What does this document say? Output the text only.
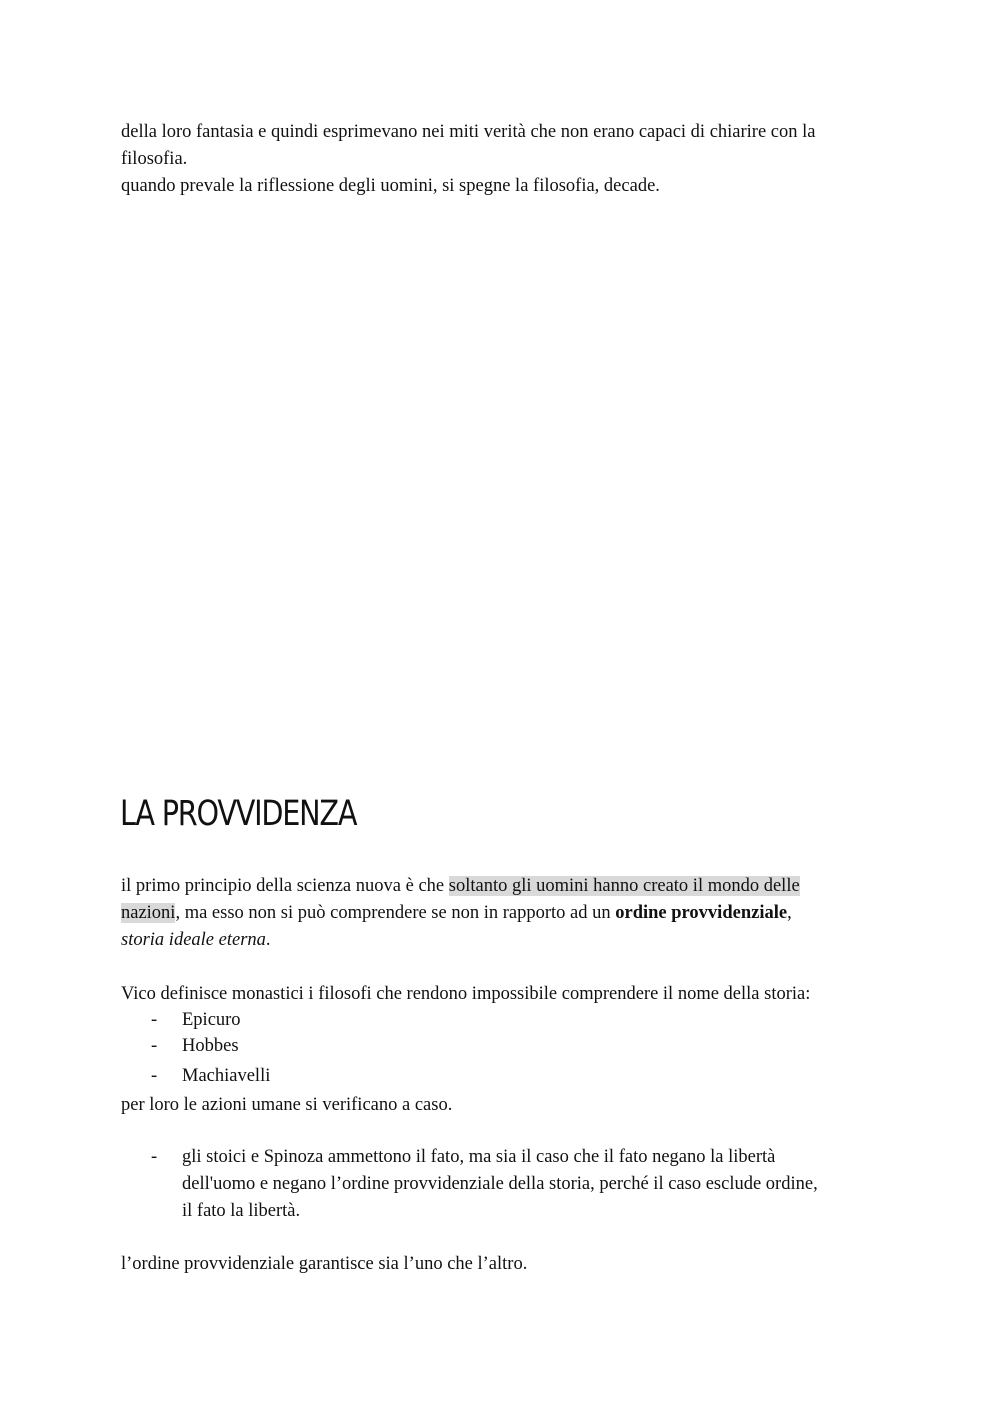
della loro fantasia e quindi esprimevano nei miti verità che non erano capaci di chiarire con la
filosofia.
quando prevale la riflessione degli uomini, si spegne la filosofia, decade.
LA PROVVIDENZA
il primo principio della scienza nuova è che soltanto gli uomini hanno creato il mondo delle
nazioni, ma esso non si può comprendere se non in rapporto ad un ordine provvidenziale,
storia ideale eterna.
Vico definisce monastici i filosofi che rendono impossibile comprendere il nome della storia:
- Epicuro
- Hobbes
- Machiavelli
per loro le azioni umane si verificano a caso.
- gli stoici e Spinoza ammettono il fato, ma sia il caso che il fato negano la libertà
dell'uomo e negano l’ordine provvidenziale della storia, perché il caso esclude ordine,
il fato la libertà.
l’ordine provvidenziale garantisce sia l’uno che l’altro.
